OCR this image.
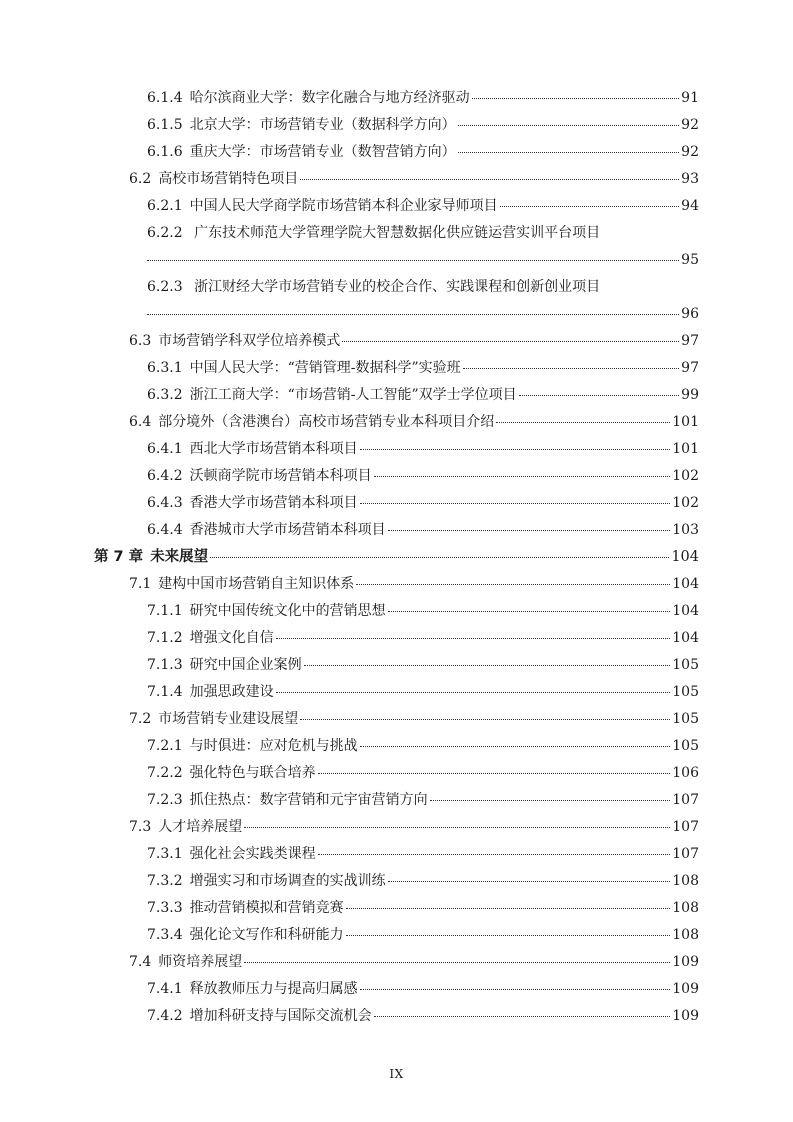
6.1.4 哈尔滨商业大学：数字化融合与地方经济驱动	91
6.1.5 北京大学：市场营销专业（数据科学方向）	92
6.1.6 重庆大学：市场营销专业（数智营销方向）	92
6.2 高校市场营销特色项目	93
6.2.1 中国人民大学商学院市场营销本科企业家导师项目	94
6.2.2 广东技术师范大学管理学院大智慧数据化供应链运营实训平台项目
95
6.2.3 浙江财经大学市场营销专业的校企合作、实践课程和创新创业项目
96
6.3 市场营销学科双学位培养模式	97
6.3.1 中国人民大学：“营销管理-数据科学”实验班	97
6.3.2 浙江工商大学：“市场营销-人工智能”双学士学位项目	99
6.4 部分境外（含港澳台）高校市场营销专业本科项目介绍	101
6.4.1 西北大学市场营销本科项目	101
6.4.2 沃顿商学院市场营销本科项目	102
6.4.3 香港大学市场营销本科项目	102
6.4.4 香港城市大学市场营销本科项目	103
第 7 章 未来展望	104
7.1 建构中国市场营销自主知识体系	104
7.1.1 研究中国传统文化中的营销思想	104
7.1.2 增强文化自信	104
7.1.3 研究中国企业案例	105
7.1.4 加强思政建设	105
7.2 市场营销专业建设展望	105
7.2.1 与时俱进：应对危机与挑战	105
7.2.2 强化特色与联合培养	106
7.2.3 抓住热点：数字营销和元宇宙营销方向	107
7.3 人才培养展望	107
7.3.1 强化社会实践类课程	107
7.3.2 增强实习和市场调查的实战训练	108
7.3.3 推动营销模拟和营销竞赛	108
7.3.4 强化论文写作和科研能力	108
7.4 师资培养展望	109
7.4.1 释放教师压力与提高归属感	109
7.4.2 增加科研支持与国际交流机会	109
IX
